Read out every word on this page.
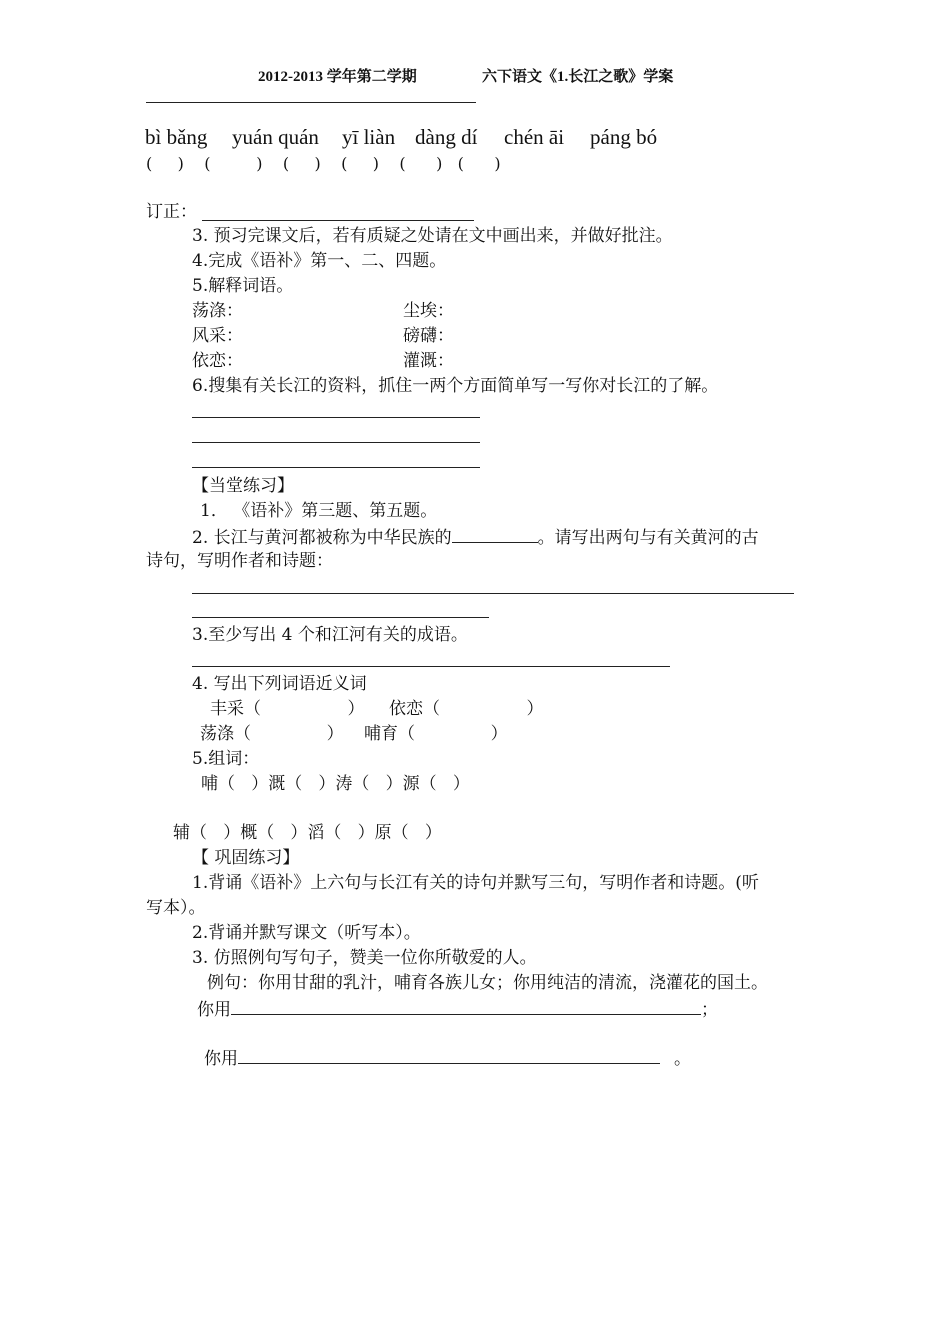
2012-2013 学年第二学期	六下语文《1.长江之歌》学案
bì bǎng yuán quán yī liàn dàng dí chén āi páng bó
(     )    (         )    (     )    (     )    (      )   (      )
订正：
3. 预习完课文后，若有质疑之处请在文中画出来，并做好批注。
4.完成《语补》第一、二、四题。
5.解释词语。
荡涤：	尘埃：
风采：	磅礴：
依恋：	灌溉：
6.搜集有关长江的资料，抓住一两个方面简单写一写你对长江的了解。
【当堂练习】
1． 《语补》第三题、第五题。
2. 长江与黄河都被称为中华民族的	。请写出两句与有关黄河的古
诗句，写明作者和诗题：
3.至少写出 4 个和江河有关的成语。
4. 写出下列词语近义词
丰采（                ） 依恋（                ）
荡涤（              ） 哺育（              ）
5.组词：
哺（   ）溉（   ）涛（   ）源（   ）
辅（   ）概（   ）滔（   ）原（   ）
【 巩固练习】
1.背诵《语补》上六句与长江有关的诗句并默写三句，写明作者和诗题。(听
写本）。
2.背诵并默写课文（听写本）。
3. 仿照例句写句子，赞美一位你所敬爱的人。
例句：你用甘甜的乳汁，哺育各族儿女；你用纯洁的清流，浇灌花的国土。
你用	；
你用	。
